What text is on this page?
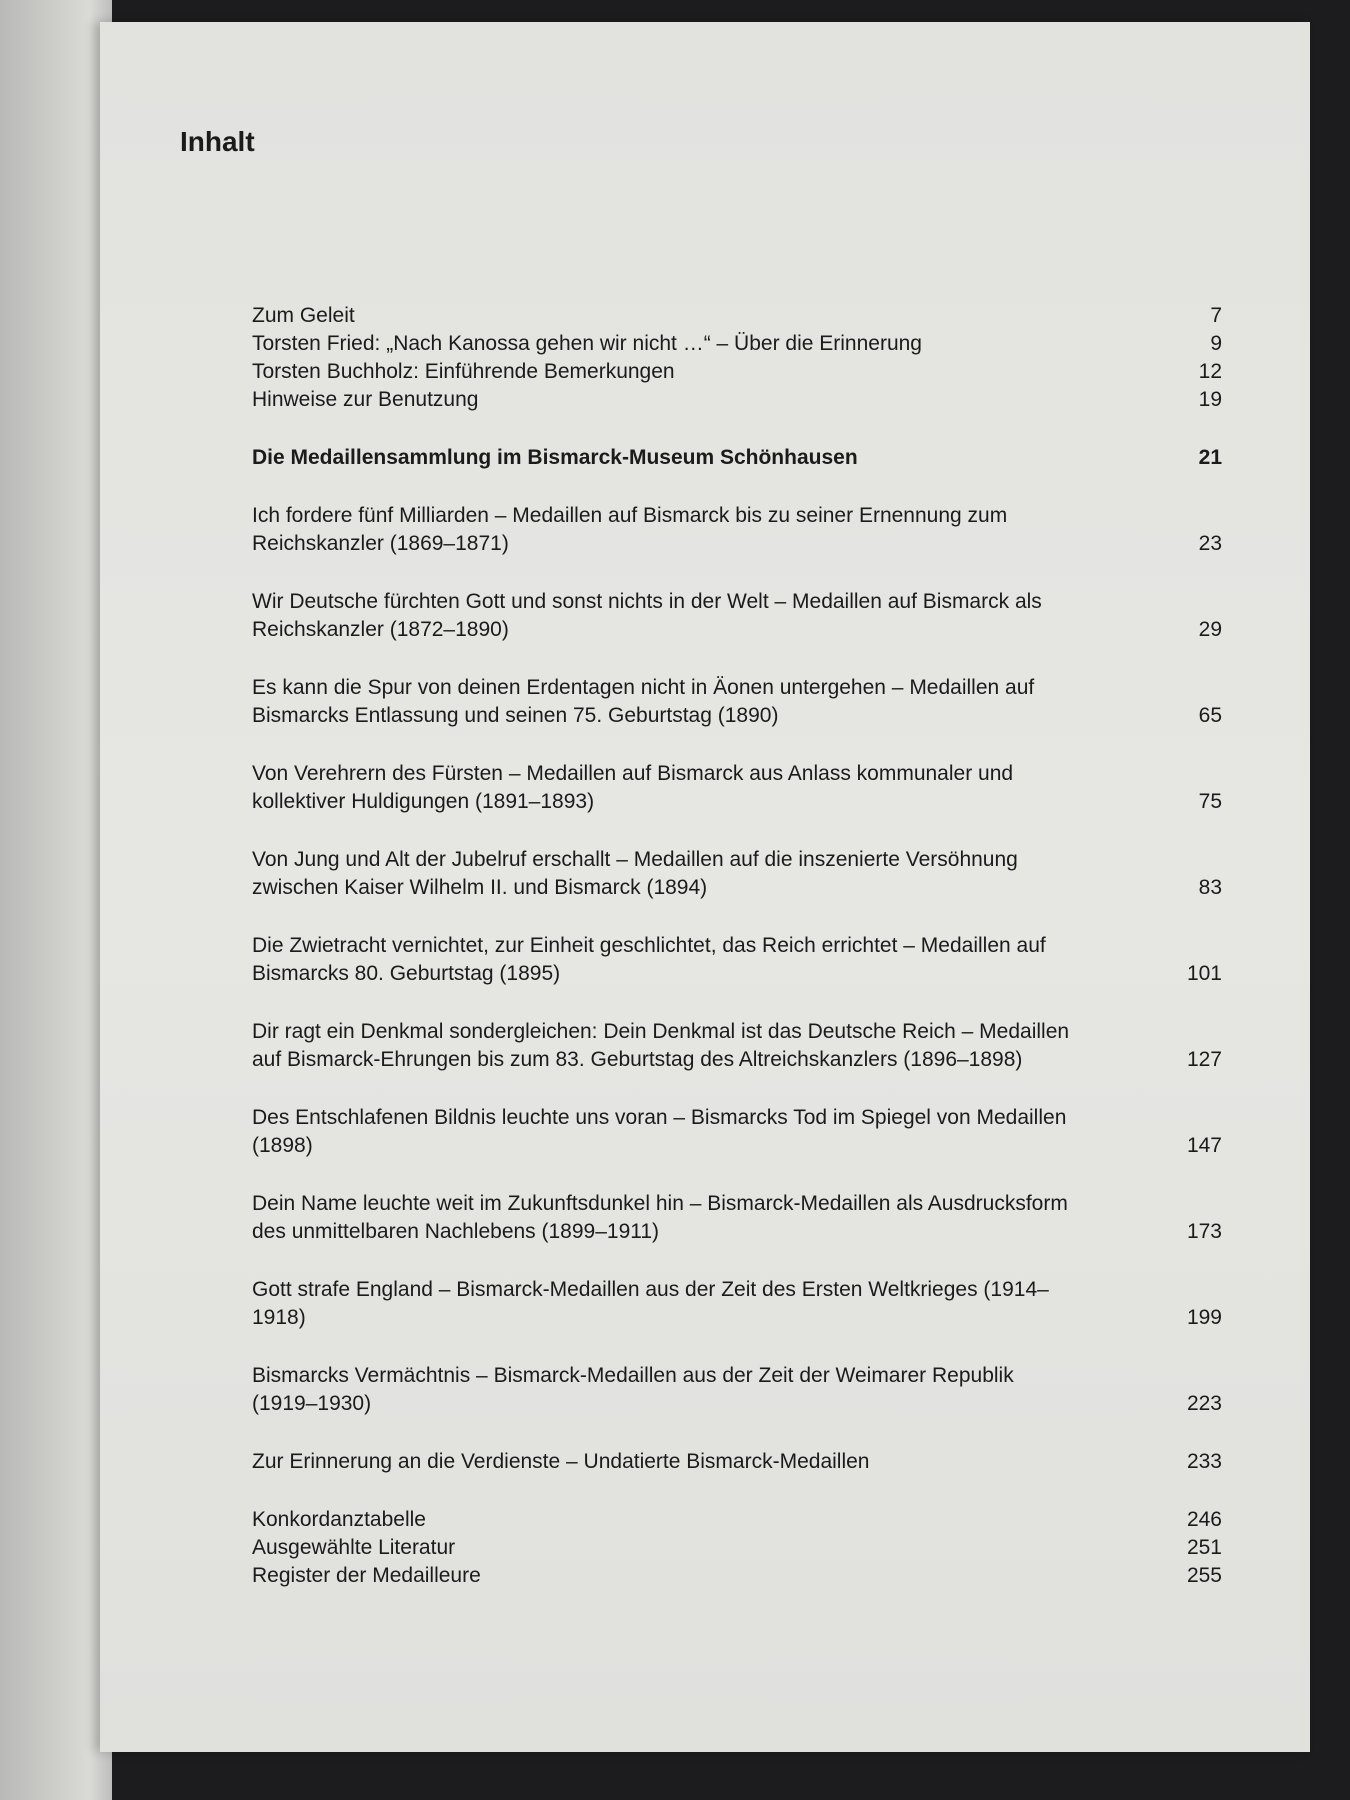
Inhalt
Zum Geleit	7
Torsten Fried: „Nach Kanossa gehen wir nicht …“ – Über die Erinnerung	9
Torsten Buchholz: Einführende Bemerkungen	12
Hinweise zur Benutzung	19
Die Medaillensammlung im Bismarck-Museum Schönhausen	21
Ich fordere fünf Milliarden – Medaillen auf Bismarck bis zu seiner Ernennung zum Reichskanzler (1869–1871)	23
Wir Deutsche fürchten Gott und sonst nichts in der Welt – Medaillen auf Bismarck als Reichskanzler (1872–1890)	29
Es kann die Spur von deinen Erdentagen nicht in Äonen untergehen – Medaillen auf Bismarcks Entlassung und seinen 75. Geburtstag (1890)	65
Von Verehrern des Fürsten – Medaillen auf Bismarck aus Anlass kommunaler und kollektiver Huldigungen (1891–1893)	75
Von Jung und Alt der Jubelruf erschallt – Medaillen auf die inszenierte Versöhnung zwischen Kaiser Wilhelm II. und Bismarck (1894)	83
Die Zwietracht vernichtet, zur Einheit geschlichtet, das Reich errichtet – Medaillen auf Bismarcks 80. Geburtstag (1895)	101
Dir ragt ein Denkmal sondergleichen: Dein Denkmal ist das Deutsche Reich – Medaillen auf Bismarck-Ehrungen bis zum 83. Geburtstag des Altreichskanzlers (1896–1898)	127
Des Entschlafenen Bildnis leuchte uns voran – Bismarcks Tod im Spiegel von Medaillen (1898)	147
Dein Name leuchte weit im Zukunftsdunkel hin – Bismarck-Medaillen als Ausdrucksform des unmittelbaren Nachlebens (1899–1911)	173
Gott strafe England – Bismarck-Medaillen aus der Zeit des Ersten Weltkrieges (1914–1918)	199
Bismarcks Vermächtnis – Bismarck-Medaillen aus der Zeit der Weimarer Republik (1919–1930)	223
Zur Erinnerung an die Verdienste – Undatierte Bismarck-Medaillen	233
Konkordanztabelle	246
Ausgewählte Literatur	251
Register der Medailleure	255
